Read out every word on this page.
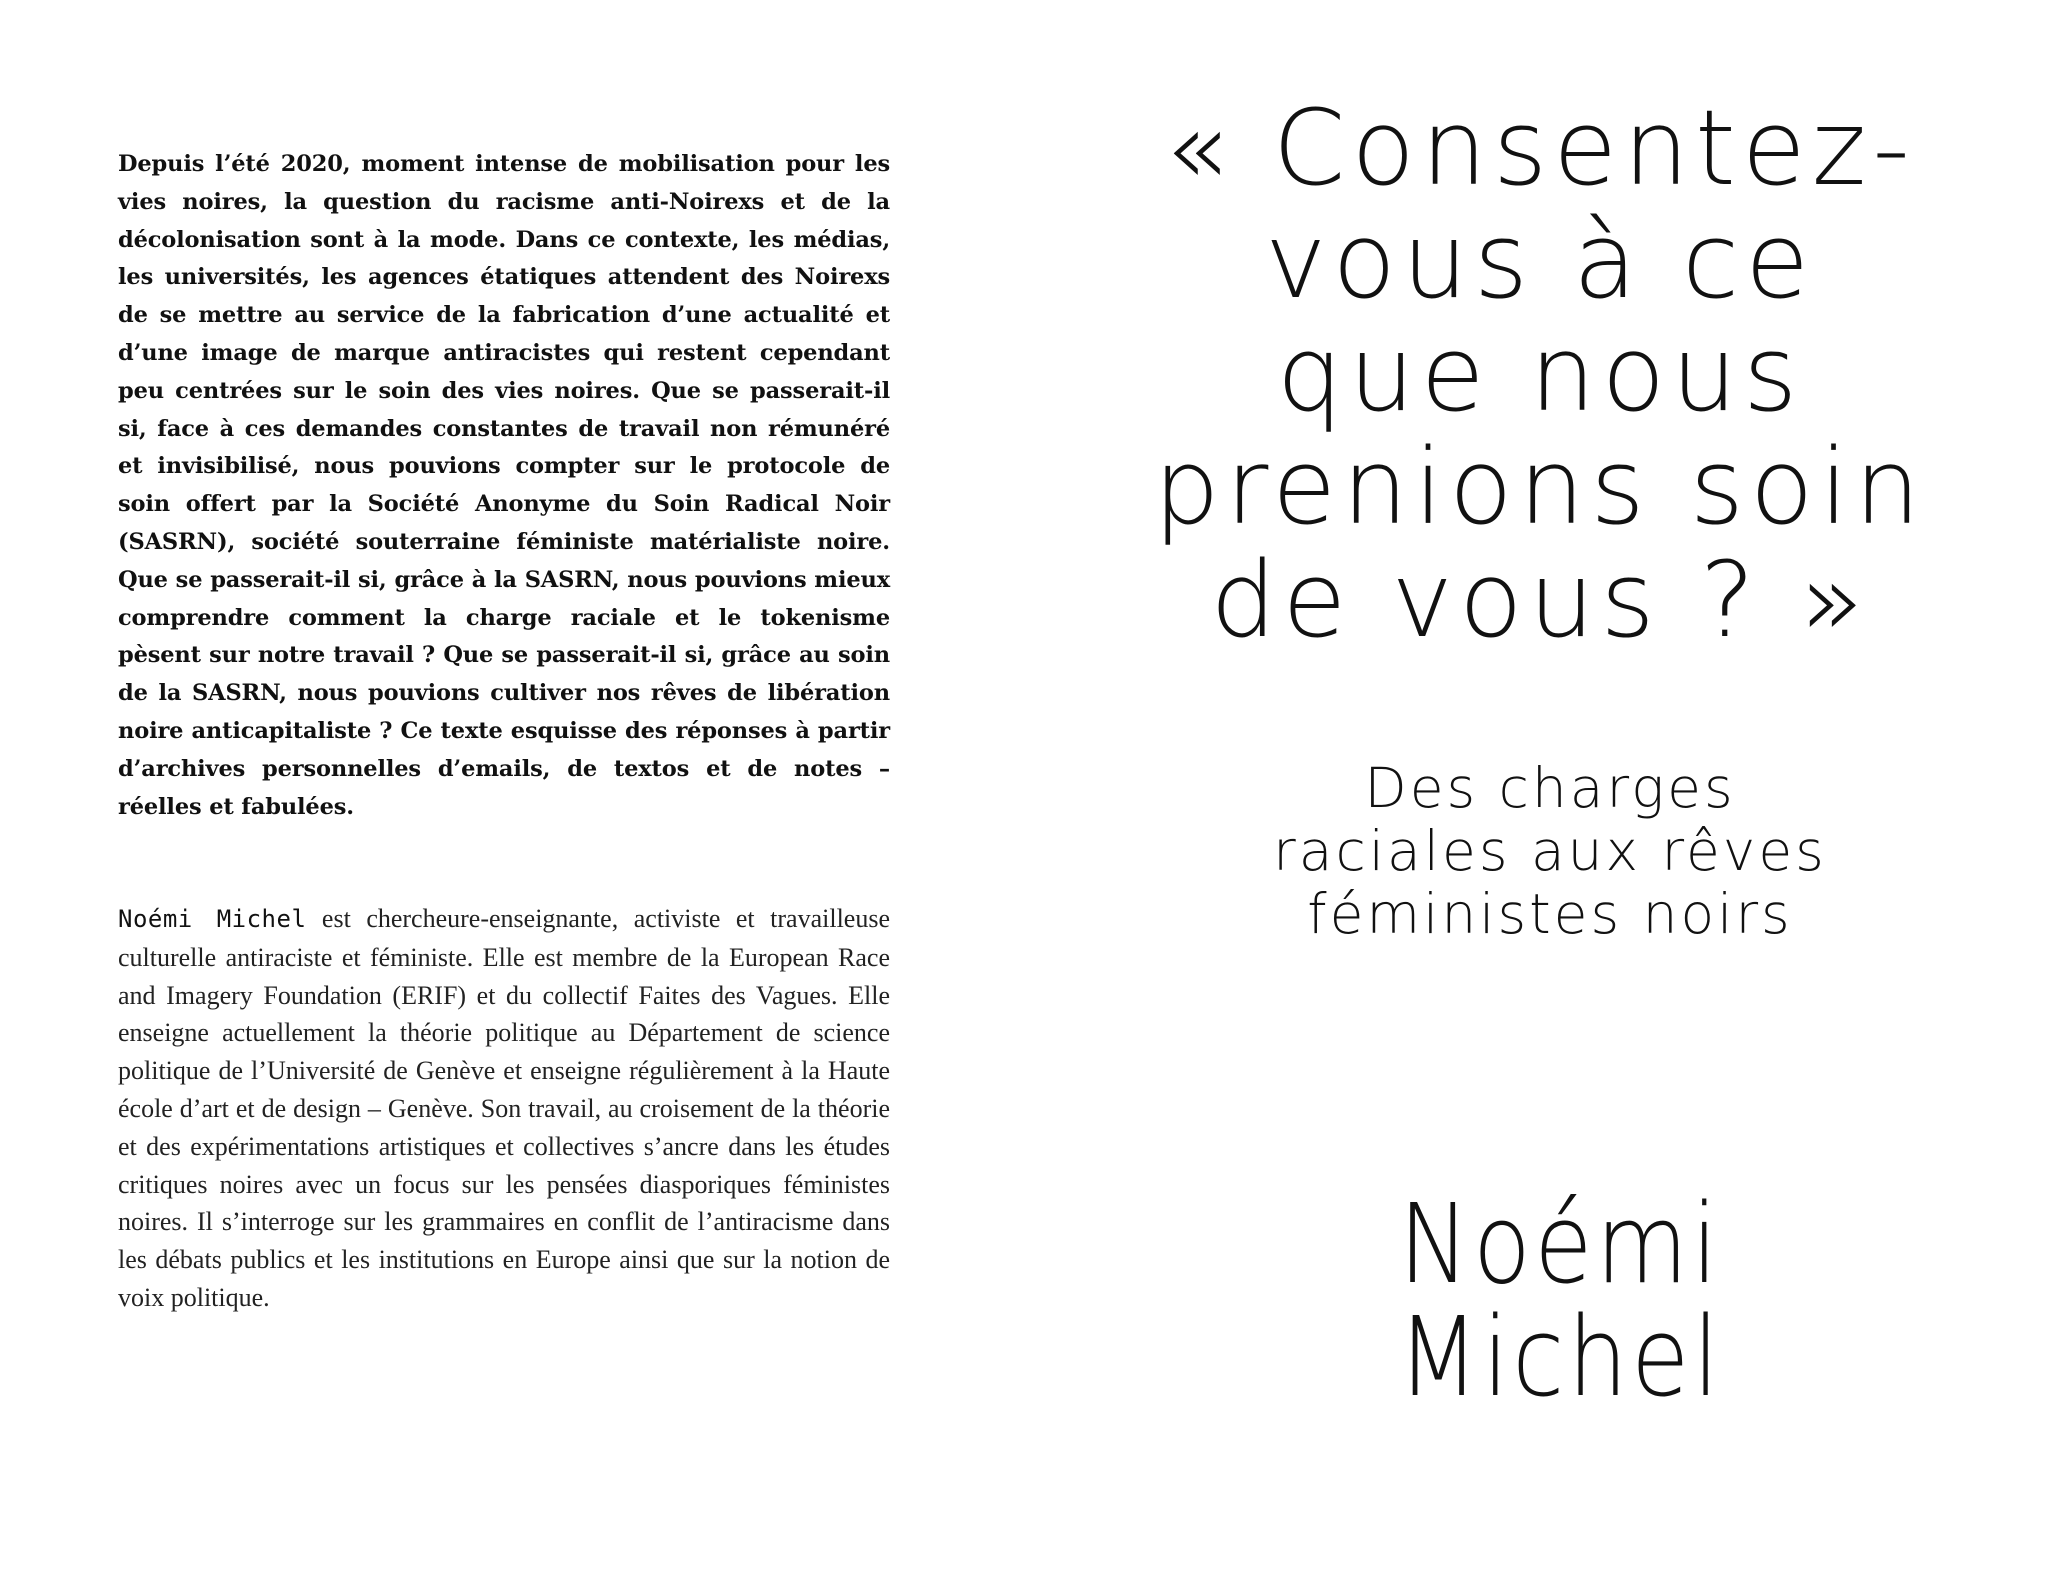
Depuis l’été 2020, moment intense de mobilisation pour les vies noires, la question du racisme anti-Noirexs et de la décolonisation sont à la mode. Dans ce contexte, les médias, les universités, les agences étatiques attendent des Noirexs de se mettre au service de la fabrication d’une actualité et d’une image de marque antiracistes qui restent cependant peu centrées sur le soin des vies noires. Que se passerait-il si, face à ces demandes constantes de travail non rémunéré et invisibilisé, nous pouvions compter sur le protocole de soin offert par la Société Anonyme du Soin Radical Noir (SASRN), société souterraine féministe matérialiste noire. Que se passerait-il si, grâce à la SASRN, nous pouvions mieux comprendre comment la charge raciale et le tokenisme pèsent sur notre travail ? Que se passerait-il si, grâce au soin de la SASRN, nous pouvions cultiver nos rêves de libération noire anticapitaliste ? Ce texte esquisse des réponses à partir d’archives personnelles d’emails, de textos et de notes – réelles et fabulées.

Noémi Michel est chercheure-enseignante, activiste et travailleuse culturelle antiraciste et féministe. Elle est membre de la European Race and Imagery Foundation (ERIF) et du collectif Faites des Vagues. Elle enseigne actuellement la théorie politique au Département de science politique de l’Université de Genève et enseigne régulièrement à la Haute école d’art et de design – Genève. Son travail, au croisement de la théorie et des expérimentations artistiques et collectives s’ancre dans les études critiques noires avec un focus sur les pensées diasporiques féministes noires. Il s’interroge sur les grammaires en conflit de l’antiracisme dans les débats publics et les institutions en Europe ainsi que sur la notion de voix politique.

« Consentez-
vous à ce
que nous
prenions soin
de vous ? »
Des charges
raciales aux rêves
féministes noirs
Noémi
Michel
